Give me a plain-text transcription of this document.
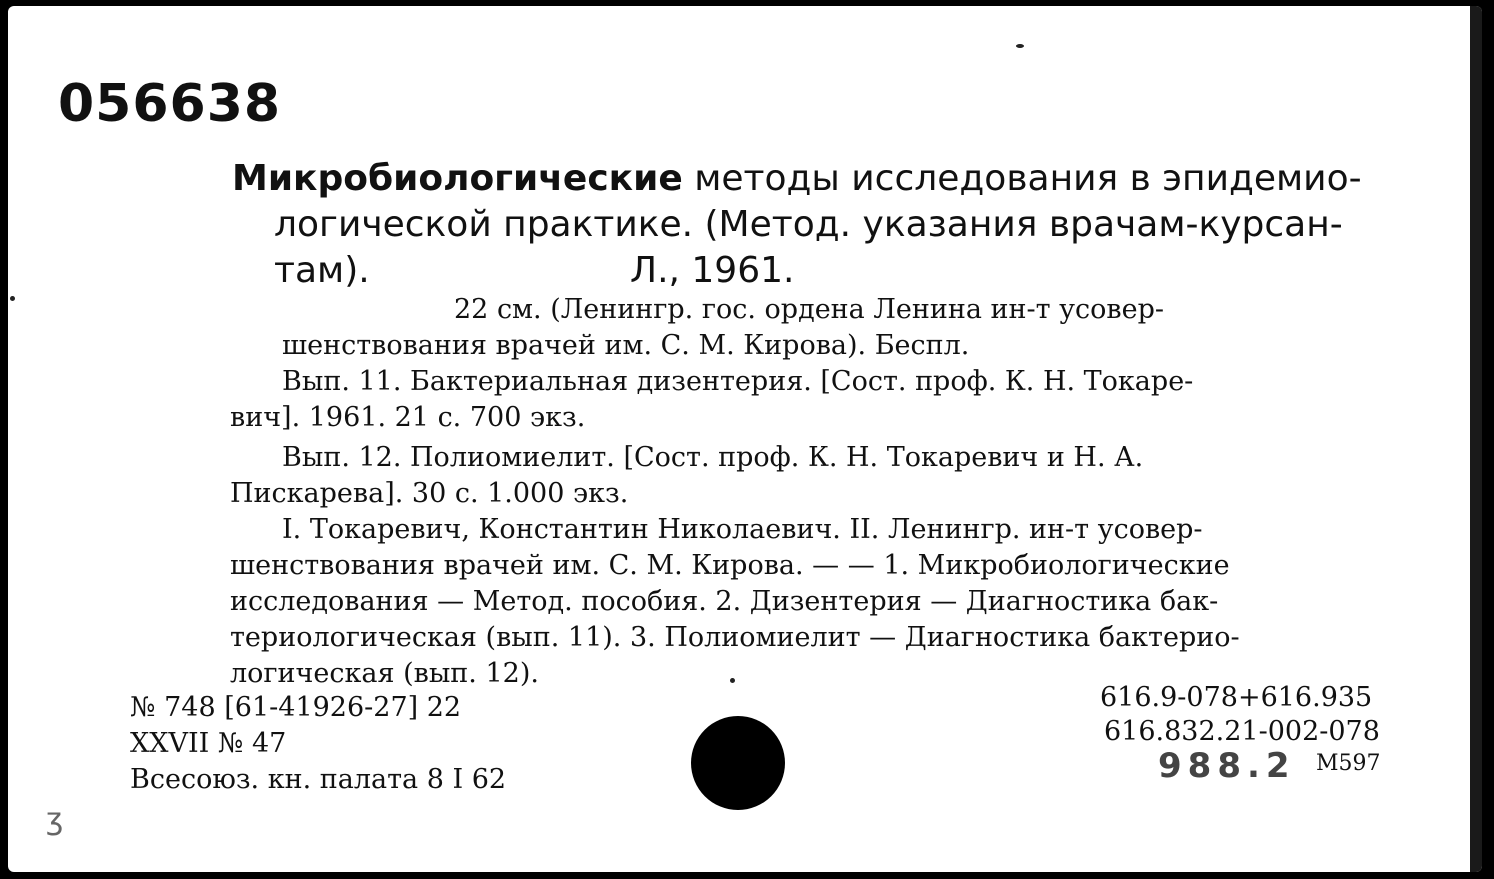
056638
Микробиологические методы исследования в эпидемио-
логической практике. (Метод. указания врачам-курсан-
там).	Л., 1961.
22 см. (Ленингр. гос. ордена Ленина ин-т усовер-
шенствования врачей им. С. М. Кирова). Беспл.
Вып. 11. Бактериальная дизентерия. [Сост. проф. К. Н. Токаре-
вич]. 1961. 21 с. 700 экз.
Вып. 12. Полиомиелит. [Сост. проф. К. Н. Токаревич и Н. А.
Пискарева]. 30 с. 1.000 экз.
I. Токаревич, Константин Николаевич. II. Ленингр. ин-т усовер-
шенствования врачей им. С. М. Кирова. — — 1. Микробиологические
исследования — Метод. пособия. 2. Дизентерия — Диагностика бак-
териологическая (вып. 11). 3. Полиомиелит — Диагностика бактерио-
логическая (вып. 12).
№ 748 [61-41926-27] 22
XXVII № 47
Всесоюз. кн. палата 8 I 62
616.9-078+616.935
616.832.21-002-078
М597
988.2
ʒ
